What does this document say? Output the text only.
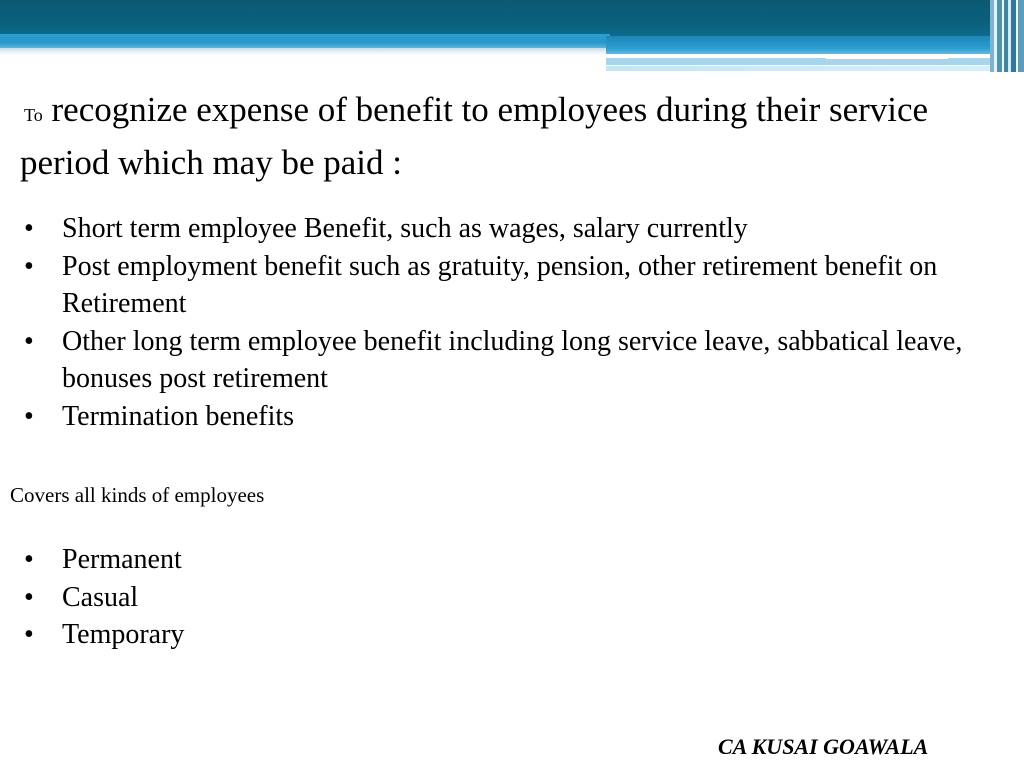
To recognize expense of benefit to employees during their service period which may be paid :
• Short term employee Benefit, such as wages, salary currently
• Post employment benefit such as gratuity, pension, other retirement benefit on Retirement
• Other long term employee benefit including long service leave, sabbatical leave, bonuses post retirement
• Termination benefits
Covers all kinds of employees
• Permanent
• Casual
• Temporary
CA KUSAI GOAWALA
